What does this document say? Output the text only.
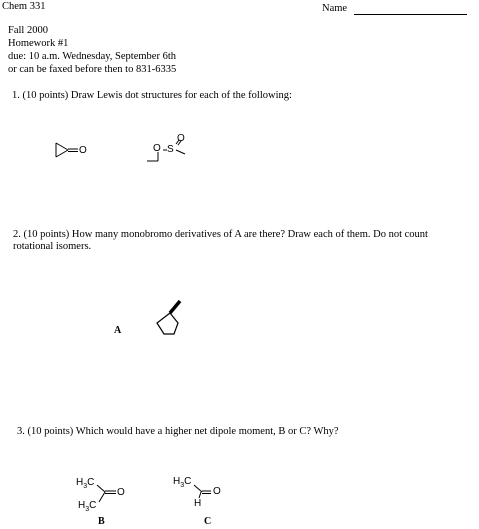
Chem 331	Name
Fall 2000
Homework #1
due: 10 a.m. Wednesday, September 6th
or can be faxed before then to 831-6335
1. (10 points) Draw Lewis dot structures for each of the following:
O	O S
O
2. (10 points) How many monobromo derivatives of A are there? Draw each of them. Do not count
rotational isomers.
A
3. (10 points) Which would have a higher net dipole moment, B or C? Why?
$H_3C$
$H_3C$
O
B
$H_3C$
H
O
C
